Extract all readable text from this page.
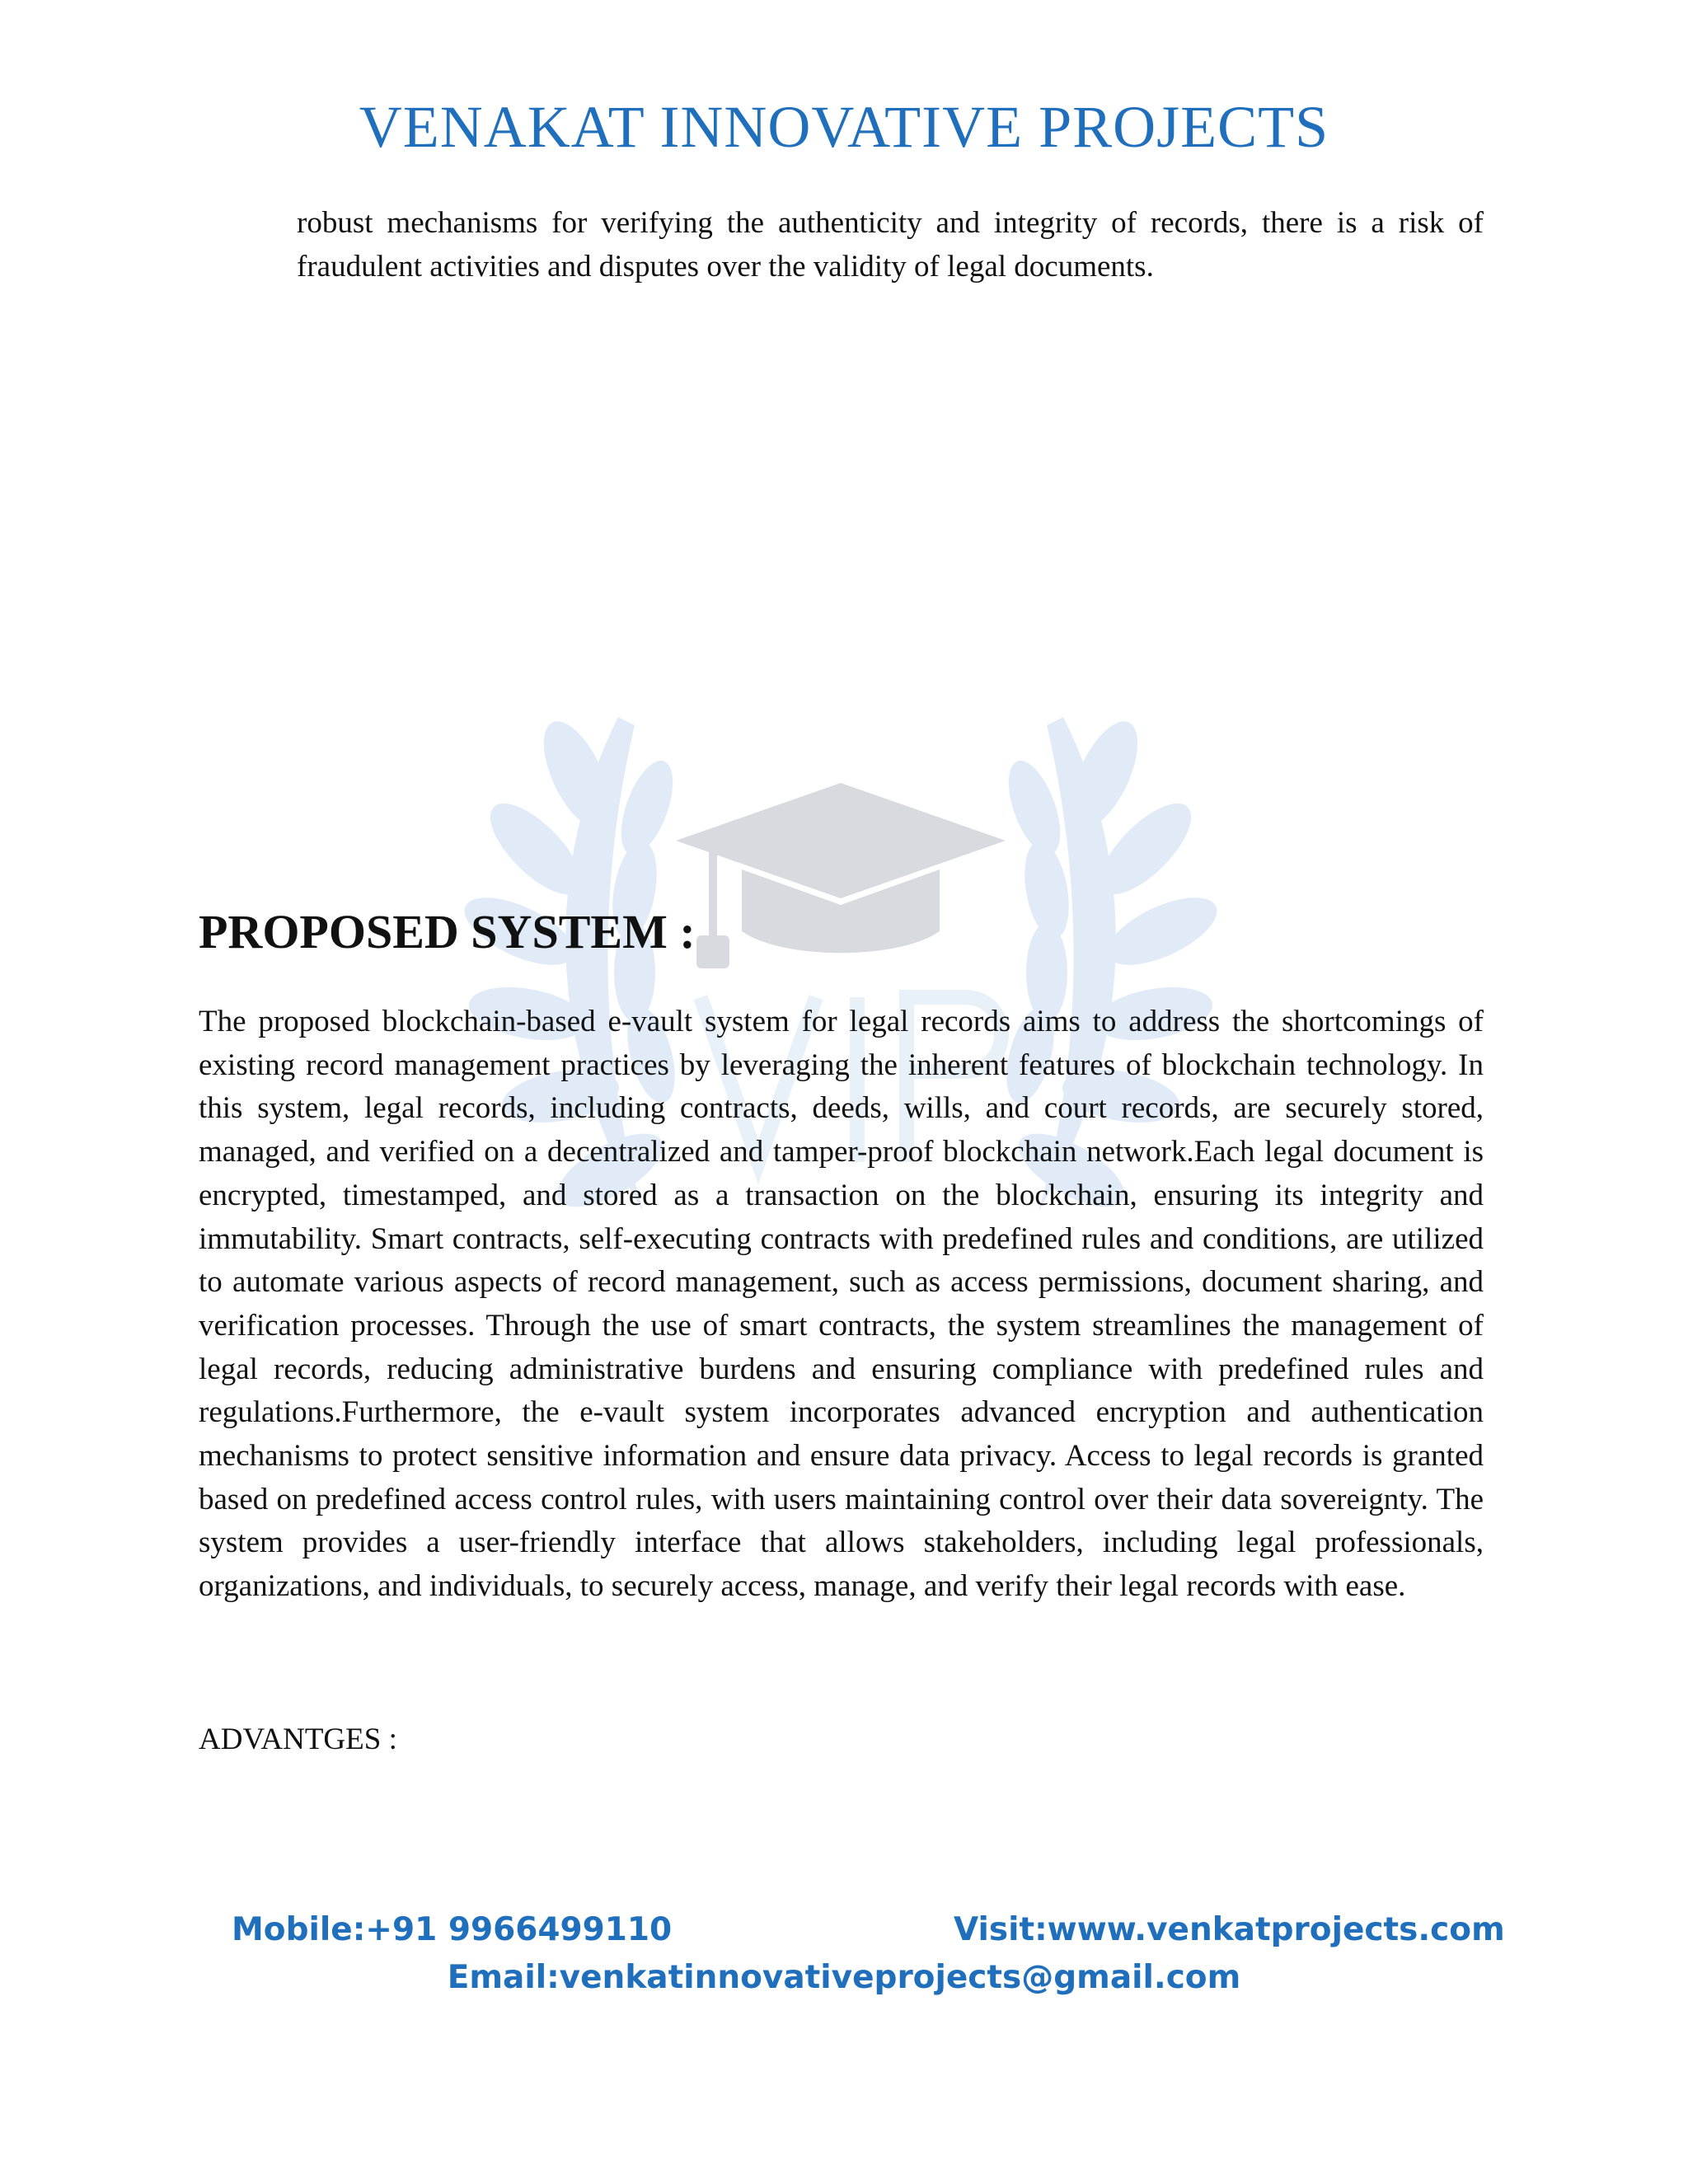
VENAKAT INNOVATIVE PROJECTS
robust mechanisms for verifying the authenticity and integrity of records, there is a risk of fraudulent activities and disputes over the validity of legal documents.
PROPOSED SYSTEM :
The proposed blockchain-based e-vault system for legal records aims to address the shortcomings of existing record management practices by leveraging the inherent features of blockchain technology. In this system, legal records, including contracts, deeds, wills, and court records, are securely stored, managed, and verified on a decentralized and tamper-proof blockchain network.Each legal document is encrypted, timestamped, and stored as a transaction on the blockchain, ensuring its integrity and immutability. Smart contracts, self-executing contracts with predefined rules and conditions, are utilized to automate various aspects of record management, such as access permissions, document sharing, and verification processes. Through the use of smart contracts, the system streamlines the management of legal records, reducing administrative burdens and ensuring compliance with predefined rules and regulations.Furthermore, the e-vault system incorporates advanced encryption and authentication mechanisms to protect sensitive information and ensure data privacy. Access to legal records is granted based on predefined access control rules, with users maintaining control over their data sovereignty. The system provides a user-friendly interface that allows stakeholders, including legal professionals, organizations, and individuals, to securely access, manage, and verify their legal records with ease.
ADVANTGES :
Mobile:+91 9966499110	Visit:www.venkatprojects.com
Email:venkatinnovativeprojects@gmail.com
